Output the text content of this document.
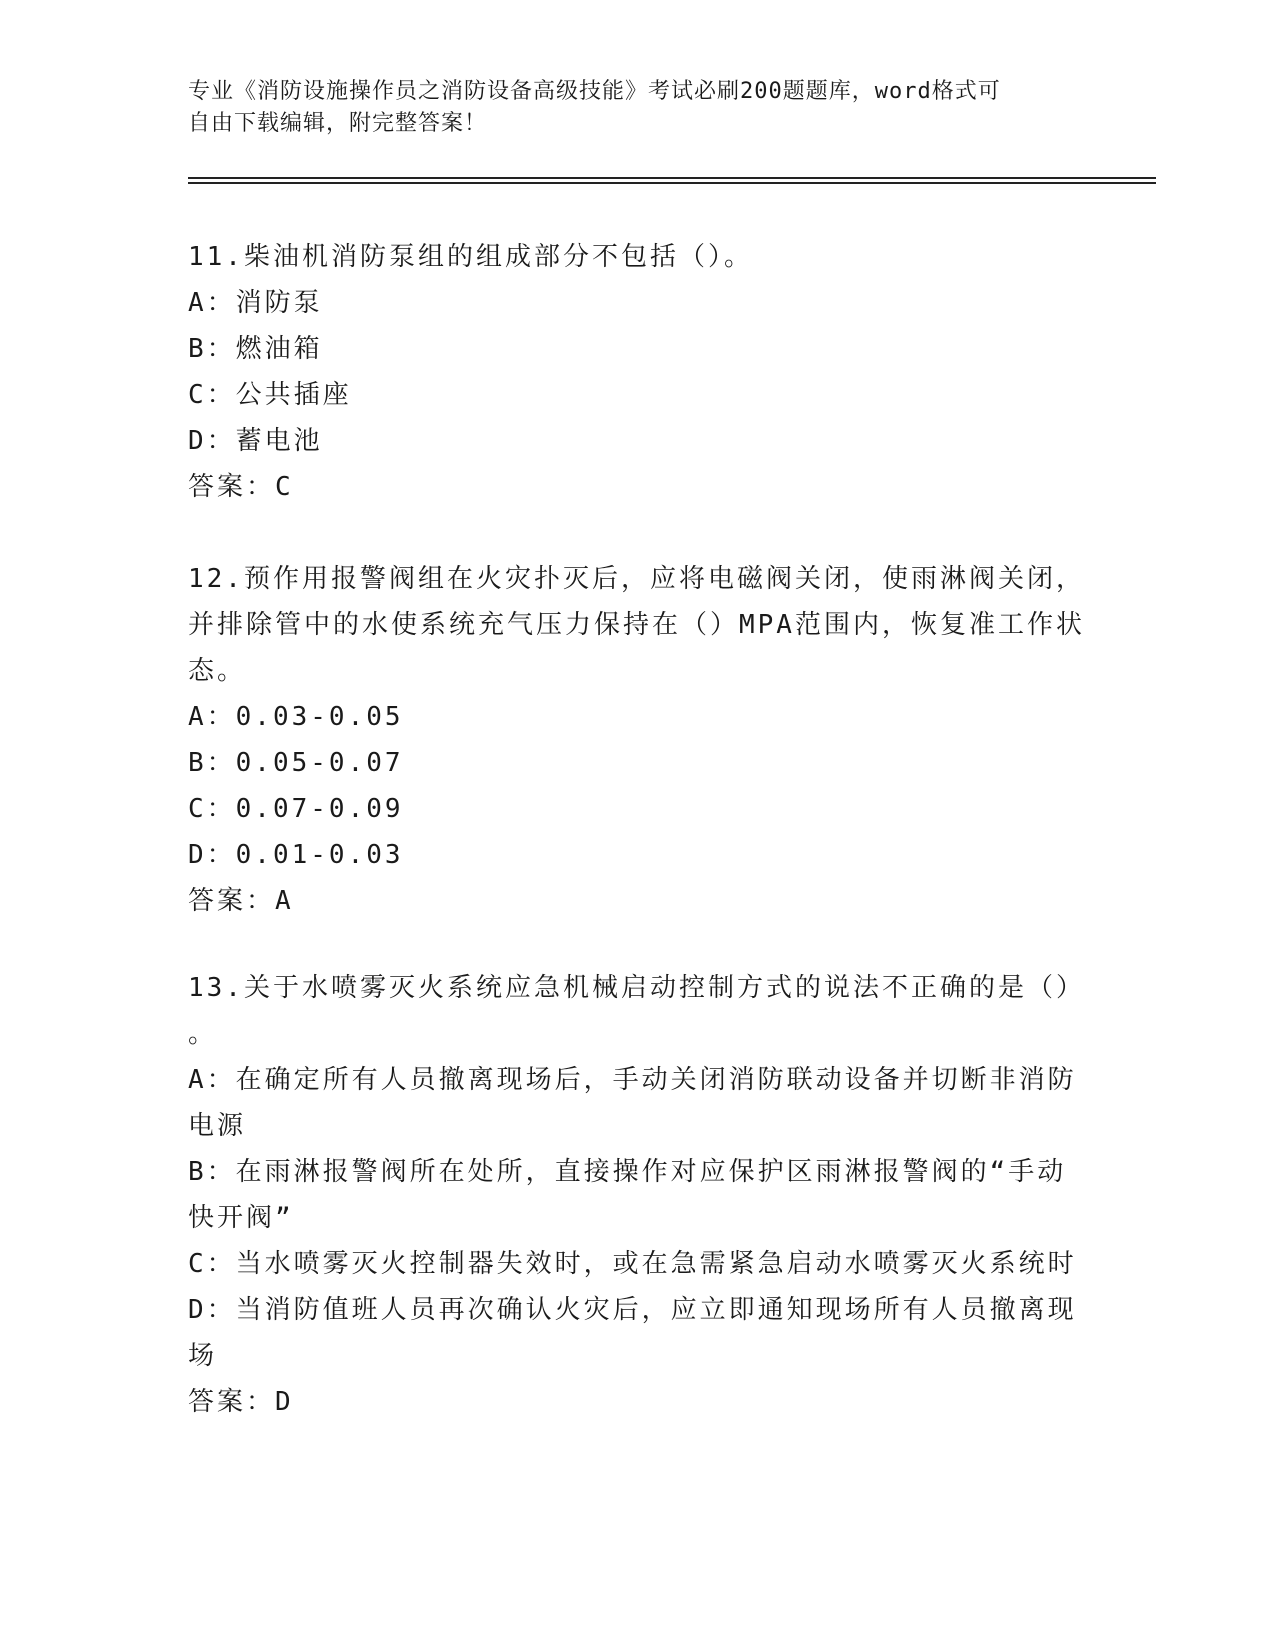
专业《消防设施操作员之消防设备高级技能》考试必刷200题题库，word格式可
自由下载编辑，附完整答案！
11.柴油机消防泵组的组成部分不包括（）。
A：消防泵
B：燃油箱
C：公共插座
D：蓄电池
答案：C
12.预作用报警阀组在火灾扑灭后，应将电磁阀关闭，使雨淋阀关闭，
并排除管中的水使系统充气压力保持在（）MPA范围内，恢复准工作状
态。
A：0.03-0.05
B：0.05-0.07
C：0.07-0.09
D：0.01-0.03
答案：A
13.关于水喷雾灭火系统应急机械启动控制方式的说法不正确的是（）
。
A：在确定所有人员撤离现场后，手动关闭消防联动设备并切断非消防
电源
B：在雨淋报警阀所在处所，直接操作对应保护区雨淋报警阀的“手动
快开阀”
C：当水喷雾灭火控制器失效时，或在急需紧急启动水喷雾灭火系统时
D：当消防值班人员再次确认火灾后，应立即通知现场所有人员撤离现
场
答案：D
